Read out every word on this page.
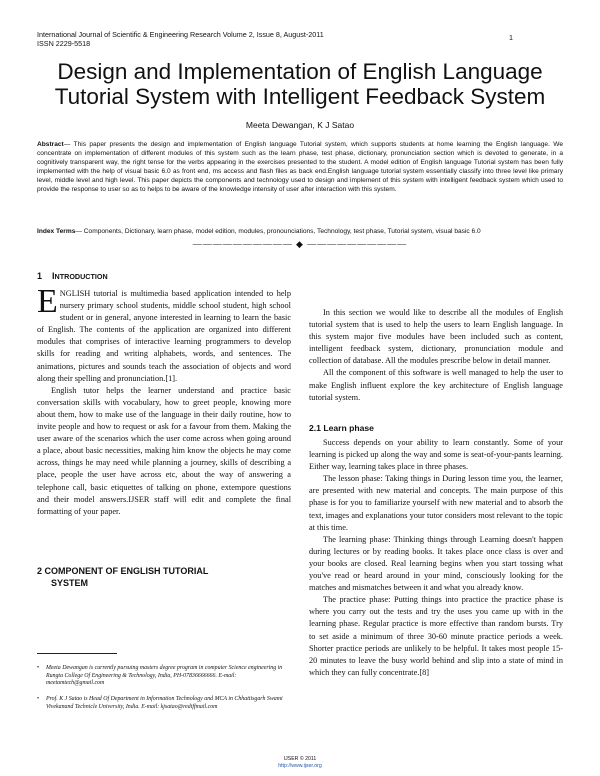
International Journal of Scientific & Engineering Research Volume 2, Issue 8, August-2011
ISSN 2229-5518
1
Design and Implementation of English Language
Tutorial System with Intelligent Feedback System
Meeta Dewangan, K J Satao
Abstract— This paper presents the design and implementation of English language Tutorial system, which supports students at home learning the English language. We concentrate on implementation of different modules of this system such as the learn phase, test phase, dictionary, pronunciation section which is devoted to generate, in a cognitively transparent way, the right tense for the verbs appearing in the exercises presented to the student. A model edition of English language Tutorial system has been fully implemented with the help of visual basic 6.0 as front end, ms access and flash files as back end.English language tutorial system essentially classify into three level like primary level, middle level and high level. This paper depicts the components and technology used to design and implement of this system with intelligent feedback system which used to provide the response to user so as to helps to be aware of the knowledge intensity of user after interaction with this system.
Index Terms— Components, Dictionary, learn phase, model edition, modules, pronounciations, Technology, test phase, Tutorial system, visual basic 6.0
—————————— ◆ ——————————
1 INTRODUCTION

ENGLISH tutorial is multimedia based application intended to help nursery primary school students, middle school student, high school student or in general, anyone interested in learning to learn the basic of English. The contents of the application are organized into different modules that comprises of interactive learning programmers to develop skills for reading and writing alphabets, words, and sentences. The animations, pictures and sounds teach the association of objects and word along their spelling and pronunciation.[1].

English tutor helps the learner understand and practice basic conversation skills with vocabulary, how to greet people, knowing more about them, how to make use of the language in their daily routine, how to invite people and how to request or ask for a favour from them. Making the user aware of the scenarios which the user come across when going around a place, about basic necessities, making him know the objects he may come across, things he may need while planning a journey, skills of describing a place, people the user have across etc, about the way of answering a telephone call, basic etiquettes of talking on phone, extempore questions and their model answers.IJSER staff will edit and complete the final formatting of your paper.

2 COMPONENT OF ENGLISH TUTORIAL
SYSTEM
• Meeta Dewangan is currently pursuing masters degree program in computer Science engineering in Rungta College Of Engineering & Technology, India, PH-07836666666. E-mail: meetamtech@gmail.com
• Prof. K J Satao is Head Of Department in Information Technology and MCA in Chhattisgarh Swami Vivekanand Technicle University, India. E-mail: kjsatao@rediffmail.com

In this section we would like to describe all the modules of English tutorial system that is used to help the users to learn English language. In this system major five modules have been included such as content, intelligent feedback system, dictionary, pronunciation module and collection of database. All the modules prescribe below in detail manner.

All the component of this software is well managed to help the user to make English influent explore the key architecture of English language tutorial system.

2.1 Learn phase

Success depends on your ability to learn constantly. Some of your learning is picked up along the way and some is seat-of-your-pants learning. Either way, learning takes place in three phases.

The lesson phase: Taking things in During lesson time you, the learner, are presented with new material and concepts. The main purpose of this phase is for you to familiarize yourself with new material and to absorb the text, images and explanations your tutor considers most relevant to the topic at this time.

The learning phase: Thinking things through Learning doesn't happen during lectures or by reading books. It takes place once class is over and your books are closed. Real learning begins when you start tossing what you've read or heard around in your mind, consciously looking for the matches and mismatches between it and what you already know.

The practice phase: Putting things into practice the practice phase is where you carry out the tests and try the uses you came up with in the learning phase. Regular practice is more effective than random bursts. Try to set aside a minimum of three 30-60 minute practice periods a week. Shorter practice periods are unlikely to be helpful. It takes most people 15-20 minutes to leave the busy world behind and slip into a state of mind in which they can fully concentrate.[8]

IJSER © 2011
http://www.ijser.org
